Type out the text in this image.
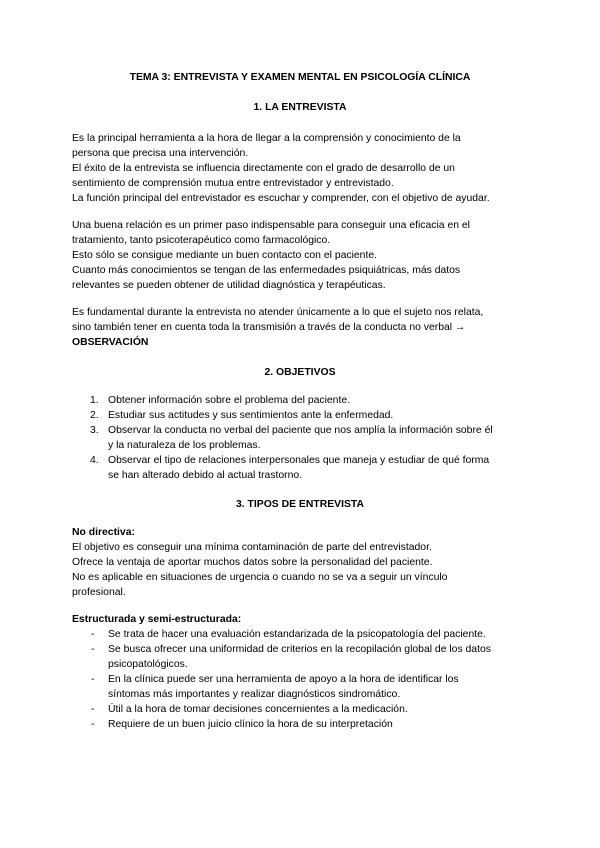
TEMA 3: ENTREVISTA Y EXAMEN MENTAL EN PSICOLOGÍA CLÍNICA
1. LA ENTREVISTA
Es la principal herramienta a la hora de llegar a la comprensión y conocimiento de la
persona que precisa una intervención.
El éxito de la entrevista se influencia directamente con el grado de desarrollo de un
sentimiento de comprensión mutua entre entrevistador y entrevistado.
La función principal del entrevistador es escuchar y comprender, con el objetivo de ayudar.
Una buena relación es un primer paso indispensable para conseguir una eficacia en el
tratamiento, tanto psicoterapéutico como farmacológico.
Esto sólo se consigue mediante un buen contacto con el paciente.
Cuanto más conocimientos se tengan de las enfermedades psiquiátricas, más datos
relevantes se pueden obtener de utilidad diagnóstica y terapéuticas.
Es fundamental durante la entrevista no atender únicamente a lo que el sujeto nos relata,
sino también tener en cuenta toda la transmisión a través de la conducta no verbal →
OBSERVACIÓN
2. OBJETIVOS
1. Obtener información sobre el problema del paciente.
2. Estudiar sus actitudes y sus sentimientos ante la enfermedad.
3. Observar la conducta no verbal del paciente que nos amplía la información sobre él
y la naturaleza de los problemas.
4. Observar el tipo de relaciones interpersonales que maneja y estudiar de qué forma
se han alterado debido al actual trastorno.
3. TIPOS DE ENTREVISTA
No directiva:
El objetivo es conseguir una mínima contaminación de parte del entrevistador.
Ofrece la ventaja de aportar muchos datos sobre la personalidad del paciente.
No es aplicable en situaciones de urgencia o cuando no se va a seguir un vínculo
profesional.
Estructurada y semi-estructurada:
- Se trata de hacer una evaluación estandarizada de la psicopatología del paciente.
- Se busca ofrecer una uniformidad de criterios en la recopilación global de los datos
psicopatológicos.
- En la clínica puede ser una herramienta de apoyo a la hora de identificar los
síntomas más importantes y realizar diagnósticos sindromático.
- Útil a la hora de tomar decisiones concernientes a la medicación.
- Requiere de un buen juicio clínico la hora de su interpretación
